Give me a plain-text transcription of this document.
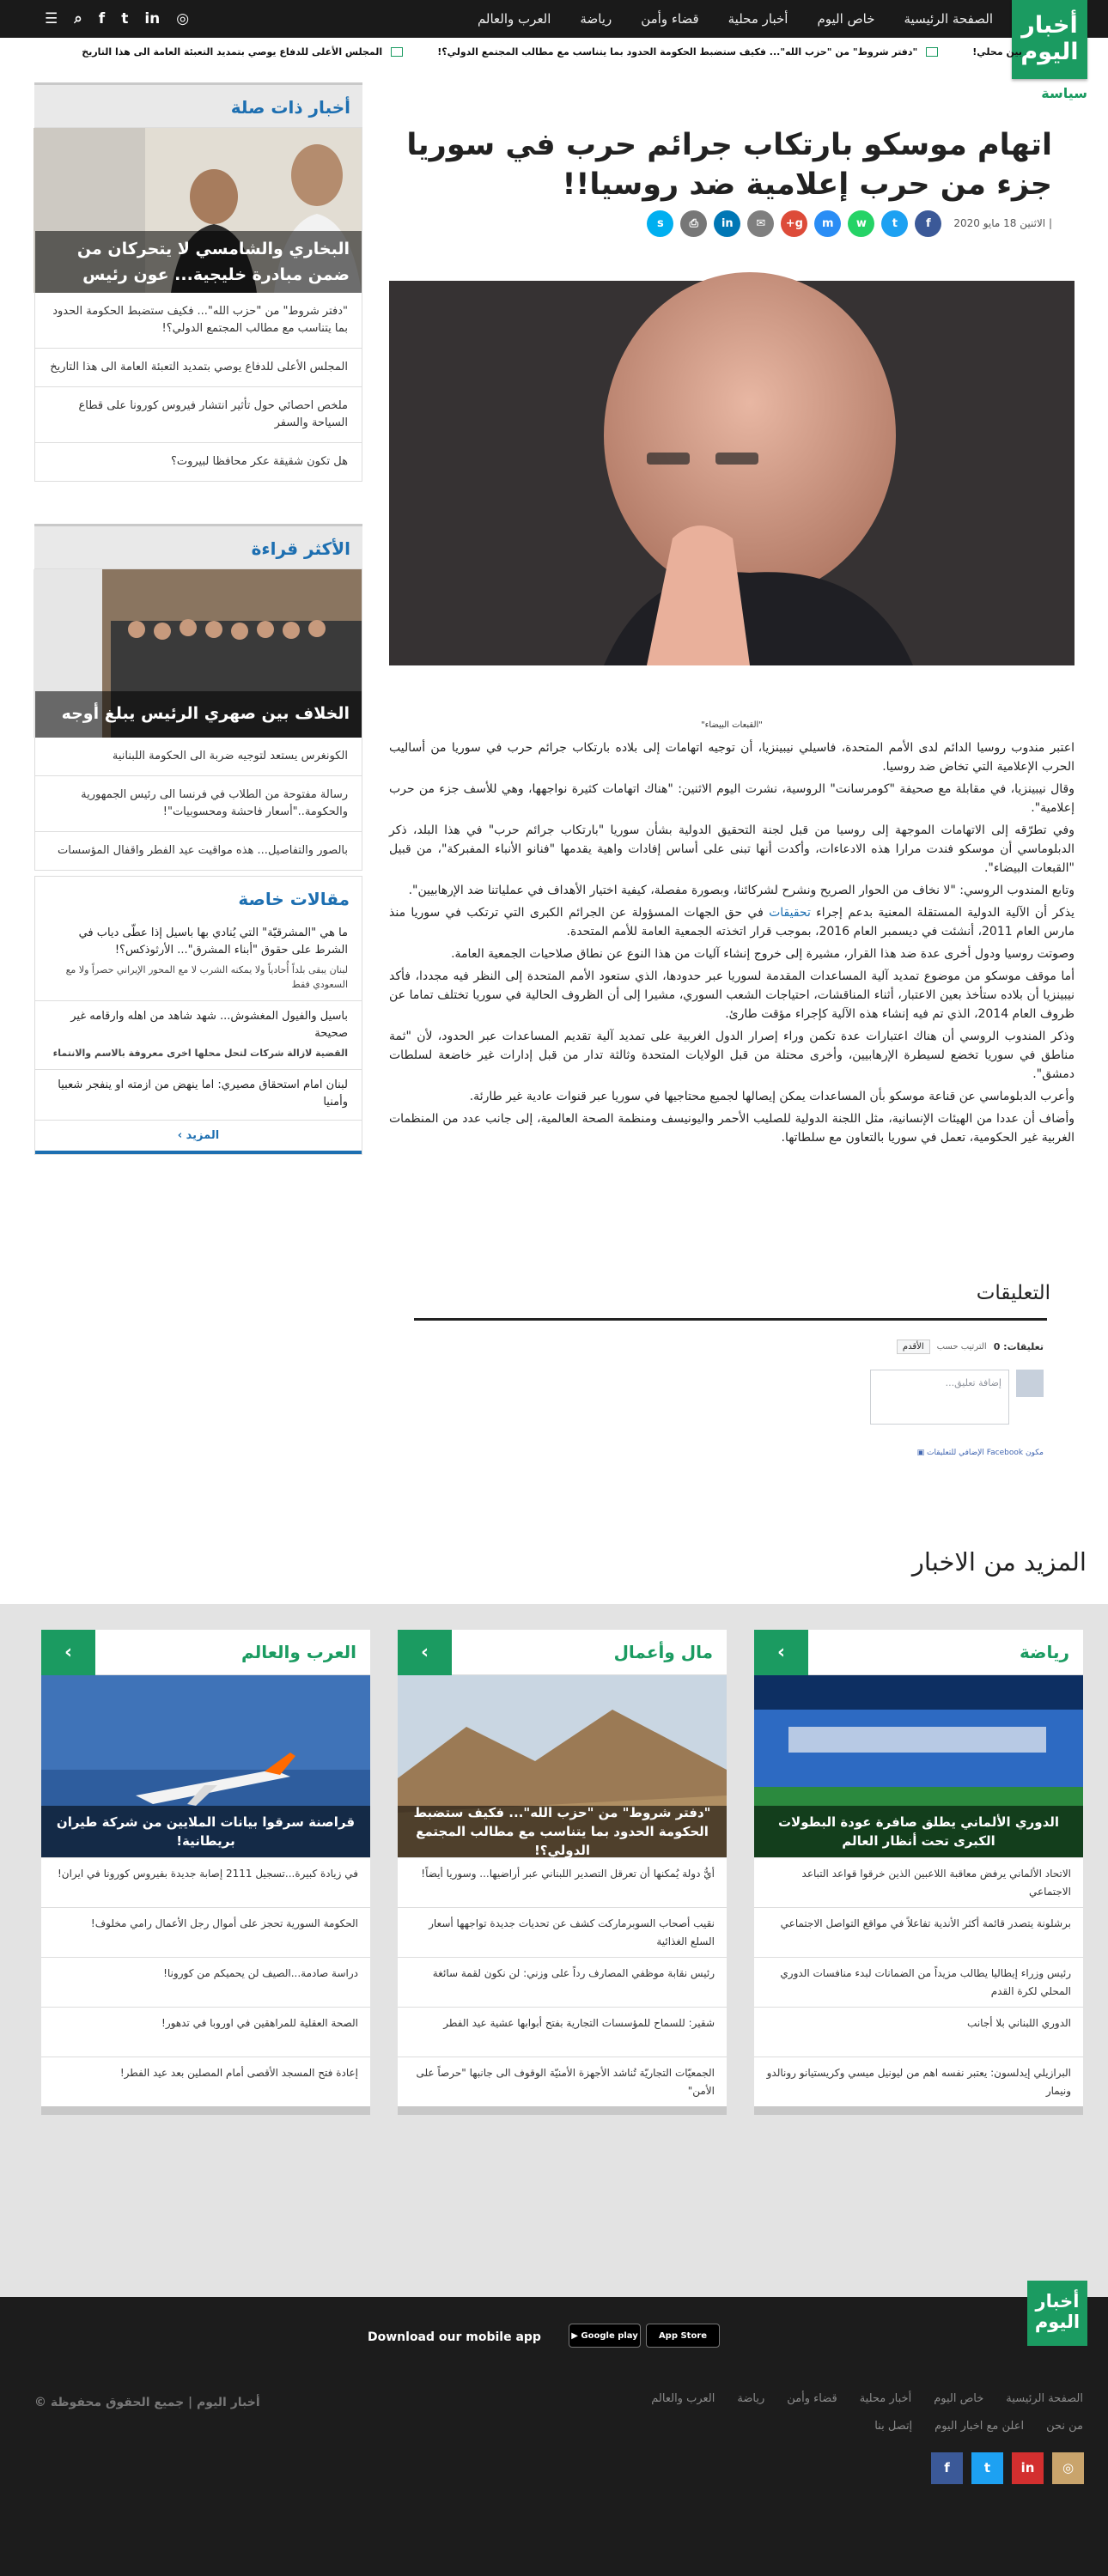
أخبار
اليوم
الصفحة الرئيسية
خاص اليوم
أخبار محلية
قضاء وأمن
رياضة
العرب والعالم
☰ ⌕ f t in ◎
بين محلي!
"دفتر شروط" من "حزب الله"... فكيف ستضبط الحكومة الحدود بما يتناسب مع مطالب المجتمع الدولي؟!
المجلس الأعلى للدفاع يوصي بتمديد التعبئة العامة الى هذا التاريخ
سياسة
اتهام موسكو بارتكاب جرائم حرب في سوريا جزء من حرب إعلامية ضد روسيا!!
| الاثنين 18 مايو 2020
f
t
w
m
g+
✉
in
⎙
s
"القبعات البيضاء"

اعتبر مندوب روسيا الدائم لدى الأمم المتحدة، فاسيلي نيبينزيا، أن توجيه اتهامات إلى بلاده بارتكاب جرائم حرب في سوريا من أساليب الحرب الإعلامية التي تخاض ضد روسيا.

وقال نيبينزيا، في مقابلة مع صحيفة "كومرسانت" الروسية، نشرت اليوم الاثنين: "هناك اتهامات كثيرة نواجهها، وهي للأسف جزء من حرب إعلامية".

وفي تطرّقه إلى الاتهامات الموجهة إلى روسيا من قبل لجنة التحقيق الدولية بشأن سوريا "بارتكاب جرائم حرب" في هذا البلد، ذكر الدبلوماسي أن موسكو فندت مرارا هذه الادعاءات، وأكدت أنها تبنى على أساس إفادات واهية يقدمها "فنانو الأنباء المفبركة"، من قبيل "القبعات البيضاء".

وتابع المندوب الروسي: "لا نخاف من الحوار الصريح ونشرح لشركائنا، وبصورة مفصلة، كيفية اختيار الأهداف في عملياتنا ضد الإرهابيين".

يذكر أن الآلية الدولية المستقلة المعنية بدعم إجراء تحقيقات في حق الجهات المسؤولة عن الجرائم الكبرى التي ترتكب في سوريا منذ مارس العام 2011، أنشئت في ديسمبر العام 2016، بموجب قرار اتخذته الجمعية العامة للأمم المتحدة.

وصوتت روسيا ودول أخرى عدة ضد هذا القرار، مشيرة إلى خروج إنشاء آليات من هذا النوع عن نطاق صلاحيات الجمعية العامة.

أما موقف موسكو من موضوع تمديد آلية المساعدات المقدمة لسوريا عبر حدودها، الذي ستعود الأمم المتحدة إلى النظر فيه مجددا، فأكد نيبينزيا أن بلاده ستأخذ بعين الاعتبار، أثناء المناقشات، احتياجات الشعب السوري، مشيرا إلى أن الظروف الحالية في سوريا تختلف تماما عن ظروف العام 2014، الذي تم فيه إنشاء هذه الآلية كإجراء مؤقت طارئ.

وذكر المندوب الروسي أن هناك اعتبارات عدة تكمن وراء إصرار الدول الغربية على تمديد آلية تقديم المساعدات عبر الحدود، لأن "ثمة مناطق في سوريا تخضع لسيطرة الإرهابيين، وأخرى محتلة من قبل الولايات المتحدة وثالثة تدار من قبل إدارات غير خاضعة لسلطات دمشق".

وأعرب الدبلوماسي عن قناعة موسكو بأن المساعدات يمكن إيصالها لجميع محتاجيها في سوريا عبر قنوات عادية غير طارئة.

وأضاف أن عددا من الهيئات الإنسانية، مثل اللجنة الدولية للصليب الأحمر واليونيسف ومنظمة الصحة العالمية، إلى جانب عدد من المنظمات الغربية غير الحكومية، تعمل في سوريا بالتعاون مع سلطاتها.

التعليقات
تعليقات: 0
الترتيب حسب
الأقدم
إضافة تعليق...
مكون Facebook الإضافي للتعليقات ▣
أخبار ذات صلة
البخاري والشامسي لا يتحركان من ضمن مبادرة خليجية... عون رئيس محلي!
"دفتر شروط" من "حزب الله"... فكيف ستضبط الحكومة الحدود بما يتناسب مع مطالب المجتمع الدولي؟!
المجلس الأعلى للدفاع يوصي بتمديد التعبئة العامة الى هذا التاريخ
ملخص احصائي حول تأثير انتشار فيروس كورونا على قطاع السياحة والسفر
هل تكون شقيقة عكر محافظا لبيروت؟
الأكثر قراءة
الخلاف بين صهري الرئيس يبلغ أوجه
الكونغرس يستعد لتوجيه ضربة الى الحكومة اللبنانية
رسالة مفتوحة من الطلاب في فرنسا الى رئيس الجمهورية والحكومة.."أسعار فاحشة ومحسوبيات"!
بالصور والتفاصيل... هذه مواقيت عيد الفطر واقفال المؤسسات
مقالات خاصة
ما هي "المشرقيّة" التي يُنادي بها باسيل إذا عطّى دياب في الشرط على حقوق "أبناء المشرق"... الأرثوذكس؟!
لبنان يبقى بلداً أُحادياً ولا يمكنه الشرب لا مع المحور الإيراني حصراً ولا مع السعودي فقط
باسيل والفيول المغشوش... شهد شاهد من اهله وارقامه غير صحيحة
القضية لازالة شركات لتحل محلها اخرى معروفة بالاسم والانتماء
لبنان امام استحقاق مصيري: اما ينهض من ازمته او ينفجر شعبيا وأمنيا
المزيد ›
المزيد من الاخبار
رياضة
›
الدوري الألماني يطلق صافرة عودة البطولات الكبرى تحت أنظار العالم
الاتحاد الألماني يرفض معاقبة اللاعبين الذين خرقوا قواعد التباعد الاجتماعي
برشلونة يتصدر قائمة أكثر الأندية تفاعلاً في مواقع التواصل الاجتماعي
رئيس وزراء إيطاليا يطالب مزيداً من الضمانات لبدء منافسات الدوري المحلي لكرة القدم
الدوري اللبناني بلا أجانب
البرازيلي إيدلسون: يعتبر نفسه اهم من ليونيل ميسي وكريستيانو رونالدو ونيمار
مال وأعمال
›
"دفتر شروط" من "حزب الله"... فكيف ستضبط الحكومة الحدود بما يتناسب مع مطالب المجتمع الدولي؟!
أيُّ دولة يُمكنها أن تعرقل التصدير اللبناني عبر أراضيها... وسوريا أيضاً!
نقيب أصحاب السوبرماركت كشف عن تحديات جديدة تواجهها أسعار السلع الغذائية
رئيس نقابة موظفي المصارف رداً على وزني: لن نكون لقمة سائغة
شقير: للسماح للمؤسسات التجارية بفتح أبوابها عشية عيد الفطر
الجمعيّات التجاريّة تُناشد الأجهزة الأمنيّة الوقوف الى جانبها "حرصاً على الأمن"
العرب والعالم
›
قراصنة سرقوا بيانات الملايين من شركة طيران بريطانية!
في زيادة كبيرة...تسجيل 2111 إصابة جديدة بفيروس كورونا في ايران!
الحكومة السورية تحجز على أموال رجل الأعمال رامي مخلوف!
دراسة صادمة...الصيف لن يحميكم من كورونا!
الصحة العقلية للمراهقين في اوروبا في تدهور!
إعادة فتح المسجد الأقصى أمام المصلين بعد عيد الفطر!
أخبار
اليوم
Download our mobile app	▶ Google play	App Store
الصفحة الرئيسية
خاص اليوم
أخبار محلية
قضاء وأمن
رياضة
العرب والعالم
من نحن
اعلن مع اخبار اليوم
إتصل بنا
أخبار اليوم | جميع الحقوق محفوظة ©
◎
in
t
f
